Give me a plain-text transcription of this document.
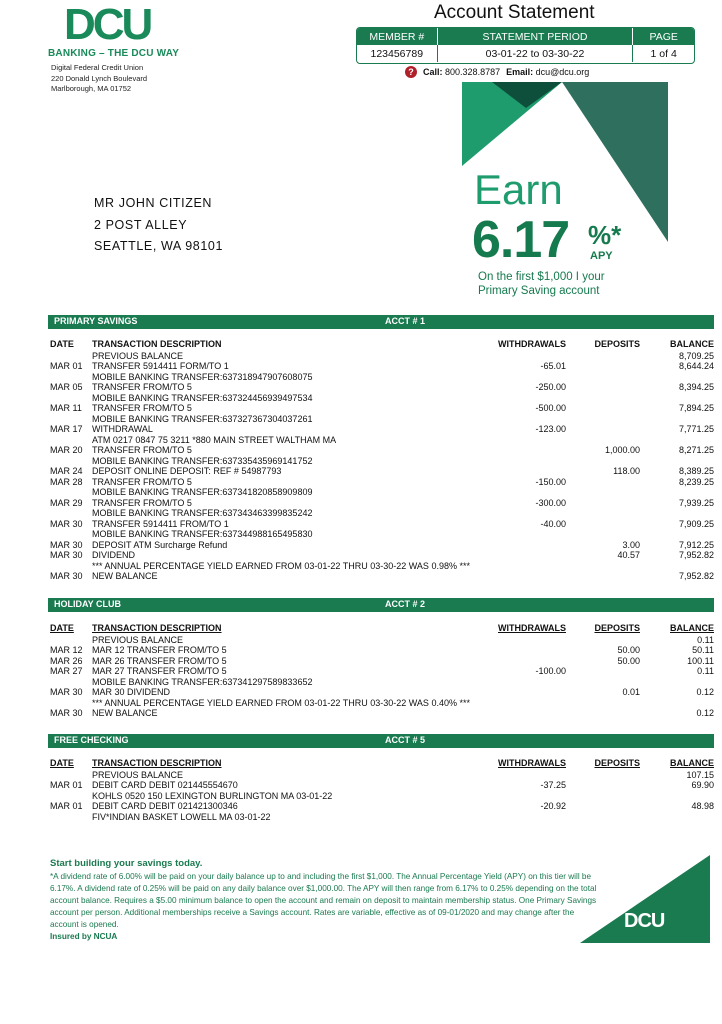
DCU
BANKING – THE DCU WAY
Digital Federal Credit Union
220 Donald Lynch Boulevard
Marlborough, MA 01752
Account Statement
MEMBER #	STATEMENT PERIOD	PAGE
123456789	03-01-22 to 03-30-22	1 of 4
?	Call: 800.328.8787 Email: dcu@dcu.org
Earn
6.17 %*
APY
On the first $1,000 I your Primary Saving account
MR JOHN CITIZEN
2 POST ALLEY
SEATTLE, WA 98101
PRIMARY SAVINGS	ACCT # 1
DATE TRANSACTION DESCRIPTION	WITHDRAWALS	DEPOSITS	BALANCE
PREVIOUS BALANCE	8,709.25
MAR 01 TRANSFER 5914411 FORM/TO 1	-65.01	8,644.24
MOBILE BANKING TRANSFER:637318947907608075
MAR 05 TRANSFER FROM/TO 5	-250.00	8,394.25
MOBILE BANKING TRANSFER:637324456939497534
MAR 11 TRANSFER FROM/TO 5	-500.00	7,894.25
MOBILE BANKING TRANSFER:637327367304037261
MAR 17 WITHDRAWAL	-123.00	7,771.25
ATM 0217 0847 75 3211 *880 MAIN STREET WALTHAM MA
MAR 20 TRANSFER FROM/TO 5	1,000.00	8,271.25
MOBILE BANKING TRANSFER:637335435969141752
MAR 24 DEPOSIT ONLINE DEPOSIT: REF # 54987793	118.00	8,389.25
MAR 28 TRANSFER FROM/TO 5	-150.00	8,239.25
MOBILE BANKING TRANSFER:637341820858909809
MAR 29 TRANSFER FROM/TO 5	-300.00	7,939.25
MOBILE BANKING TRANSFER:637343463399835242
MAR 30 TRANSFER 5914411 FROM/TO 1	-40.00	7,909.25
MOBILE BANKING TRANSFER:637344988165495830
MAR 30 DEPOSIT ATM Surcharge Refund	3.00	7,912.25
MAR 30 DIVIDEND	40.57	7,952.82
*** ANNUAL PERCENTAGE YIELD EARNED FROM 03-01-22 THRU 03-30-22 WAS 0.98% ***
MAR 30 NEW BALANCE	7,952.82
HOLIDAY CLUB	ACCT # 2
DATE TRANSACTION DESCRIPTION	WITHDRAWALS	DEPOSITS	BALANCE
PREVIOUS BALANCE	0.11
MAR 12 MAR 12 TRANSFER FROM/TO 5	50.00	50.11
MAR 26 MAR 26 TRANSFER FROM/TO 5	50.00	100.11
MAR 27 MAR 27 TRANSFER FROM/TO 5	-100.00	0.11
MOBILE BANKING TRANSFER:637341297589833652
MAR 30 MAR 30 DIVIDEND	0.01	0.12
*** ANNUAL PERCENTAGE YIELD EARNED FROM 03-01-22 THRU 03-30-22 WAS 0.40% ***
MAR 30 NEW BALANCE	0.12
FREE CHECKING	ACCT # 5
DATE TRANSACTION DESCRIPTION	WITHDRAWALS	DEPOSITS	BALANCE
PREVIOUS BALANCE	107.15
MAR 01 DEBIT CARD DEBIT 021445554670	-37.25	69.90
KOHLS 0520 150 LEXINGTON BURLINGTON MA 03-01-22
MAR 01 DEBIT CARD DEBIT 021421300346	-20.92	48.98
FIV*INDIAN BASKET LOWELL MA 03-01-22
Start building your savings today.
*A dividend rate of 6.00% will be paid on your daily balance up to and including the first $1,000. The Annual Percentage Yield (APY) on this tier will be 6.17%. A dividend rate of 0.25% will be paid on any daily balance over $1,000.00. The APY will then range from 6.17% to 0.25% depending on the total account balance. Requires a $5.00 minimum balance to open the account and remain on deposit to maintain membership status. One Primary Savings account per person. Additional memberships receive a Savings account. Rates are variable, effective as of 09-01/2020 and may change after the account is opened.
Insured by NCUA
DCU
